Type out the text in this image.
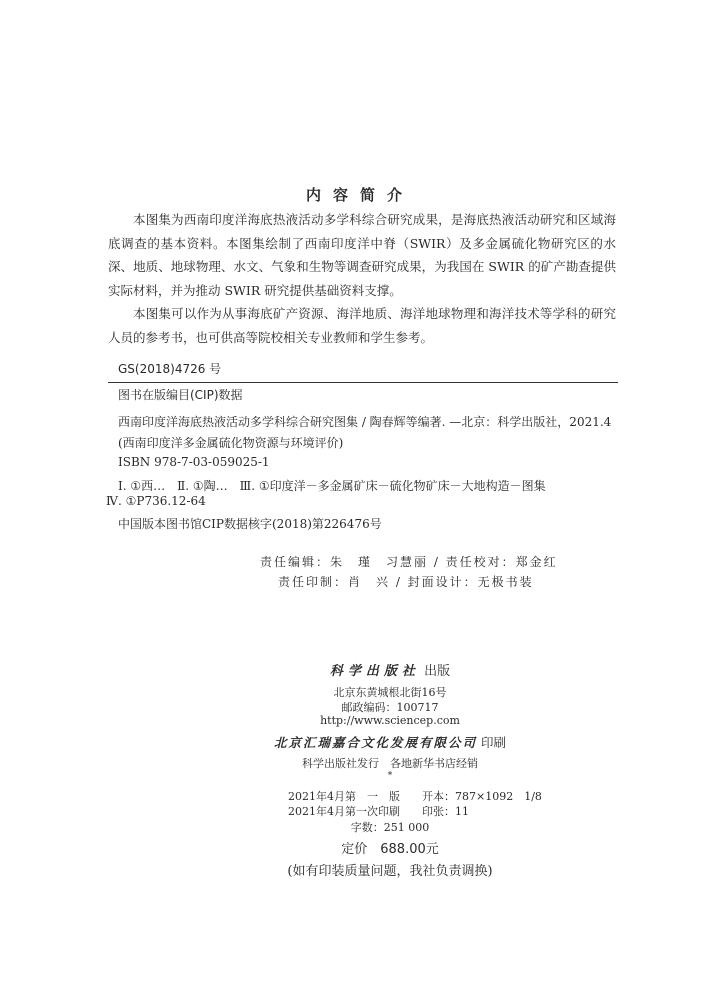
内容简介

本图集为西南印度洋海底热液活动多学科综合研究成果，是海底热液活动研究和区域海底调查的基本资料。本图集绘制了西南印度洋中脊（SWIR）及多金属硫化物研究区的水深、地质、地球物理、水文、气象和生物等调查研究成果，为我国在 SWIR 的矿产勘查提供实际材料，并为推动 SWIR 研究提供基础资料支撑。

本图集可以作为从事海底矿产资源、海洋地质、海洋地球物理和海洋技术等学科的研究人员的参考书，也可供高等院校相关专业教师和学生参考。

GS(2018)4726 号
图书在版编目(CIP)数据
西南印度洋海底热液活动多学科综合研究图集 / 陶春辉等编著. —北京：科学出版社，2021.4
(西南印度洋多金属硫化物资源与环境评价)
ISBN 978-7-03-059025-1
Ⅰ. ①西…　Ⅱ. ①陶…　Ⅲ. ①印度洋－多金属矿床－硫化物矿床－大地构造－图集
Ⅳ. ①P736.12-64
中国版本图书馆CIP数据核字(2018)第226476号
责任编辑：朱　瑾　习慧丽 / 责任校对：郑金红
责任印制：肖　兴 / 封面设计：无极书装
科学出版社 出版
北京东黄城根北街16号
邮政编码：100717
http://www.sciencep.com
北京汇瑞嘉合文化发展有限公司 印刷
科学出版社发行　各地新华书店经销
*
2021年4月第　一　版　　开本：787×1092　1/8
2021年4月第一次印刷　　印张：11
字数：251 000
定价　688.00元
(如有印装质量问题，我社负责调换)
